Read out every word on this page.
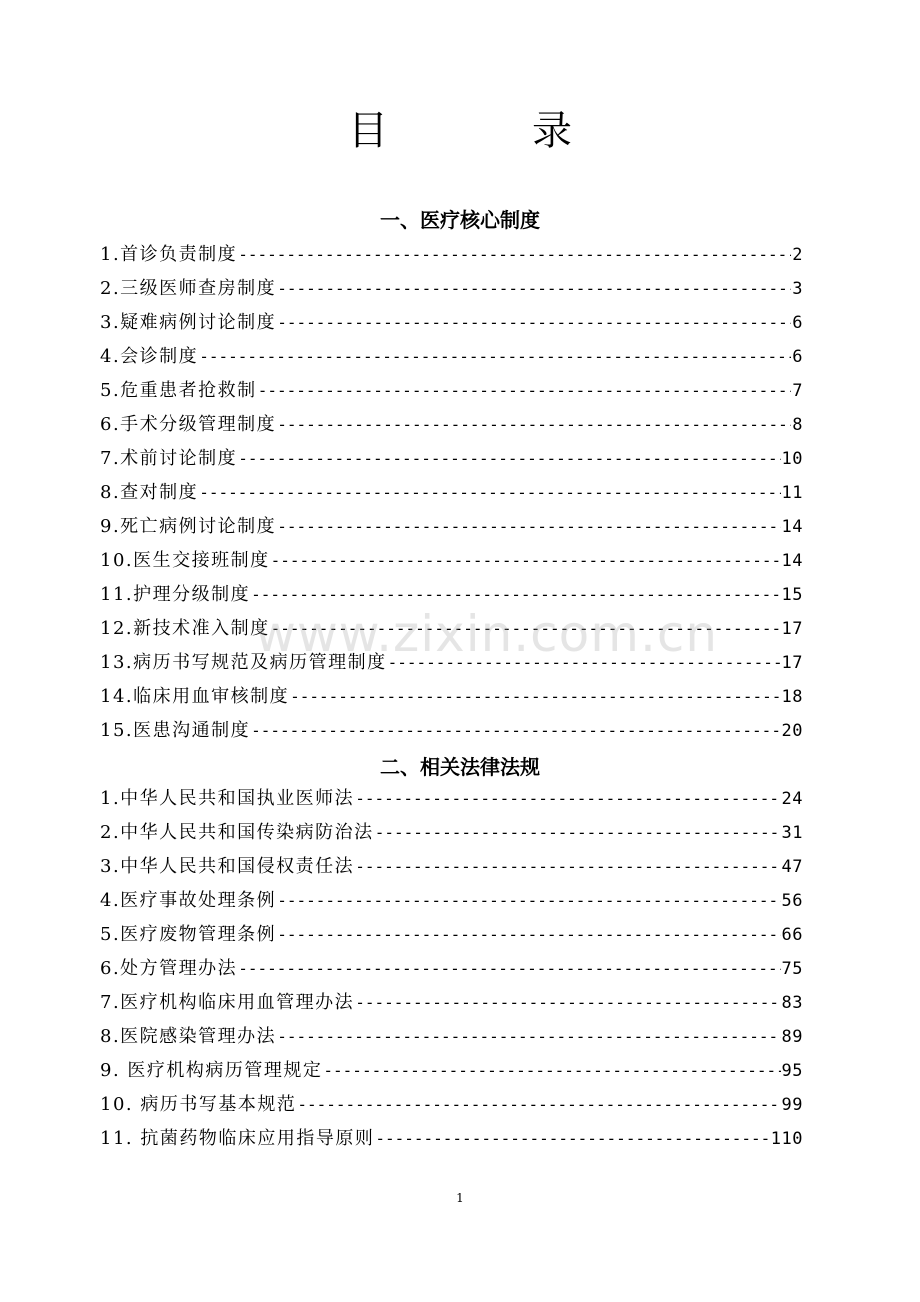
目　录
一、医疗核心制度
1.首诊负责制度 -----	2
2.三级医师查房制度 -----	3
3.疑难病例讨论制度 -----	6
4.会诊制度 -----	6
5.危重患者抢救制 -----	7
6.手术分级管理制度 -----	8
7.术前讨论制度 -----	10
8.查对制度 -----	11
9.死亡病例讨论制度 -----	14
10.医生交接班制度 -----	14
11.护理分级制度 -----	15
12.新技术准入制度 -----	17
13.病历书写规范及病历管理制度 -----	17
14.临床用血审核制度 -----	18
15.医患沟通制度 -----	20
二、相关法律法规
1.中华人民共和国执业医师法 -----	24
2.中华人民共和国传染病防治法 -----	31
3.中华人民共和国侵权责任法 -----	47
4.医疗事故处理条例 -----	56
5.医疗废物管理条例 -----	66
6.处方管理办法 -----	75
7.医疗机构临床用血管理办法 -----	83
8.医院感染管理办法 -----	89
9. 医疗机构病历管理规定 -----	95
10. 病历书写基本规范 -----	99
11. 抗菌药物临床应用指导原则 -----	110
www.zixin.com.cn
1
